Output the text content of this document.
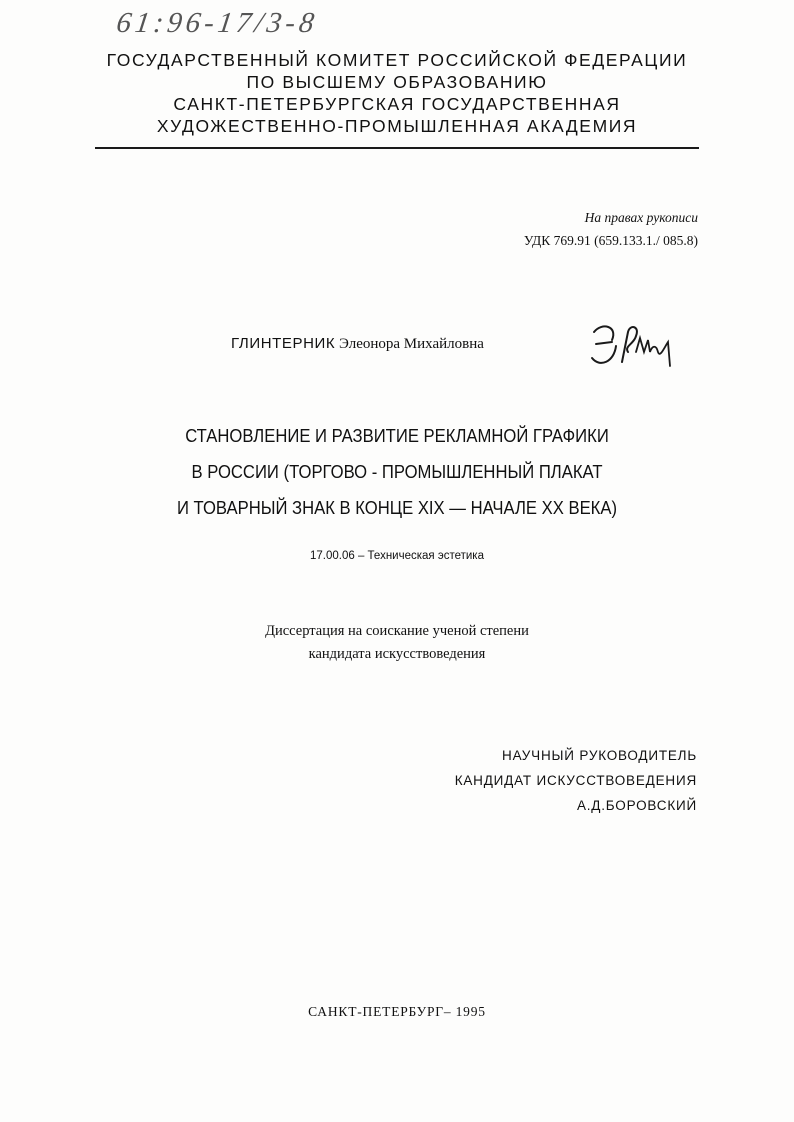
61:96-17/3-8
ГОСУДАРСТВЕННЫЙ КОМИТЕТ РОССИЙСКОЙ ФЕДЕРАЦИИ
ПО ВЫСШЕМУ ОБРАЗОВАНИЮ
САНКТ-ПЕТЕРБУРГСКАЯ ГОСУДАРСТВЕННАЯ
ХУДОЖЕСТВЕННО-ПРОМЫШЛЕННАЯ АКАДЕМИЯ
На правах рукописи
УДК 769.91 (659.133.1./ 085.8)
ГЛИНТЕРНИК Элеонора Михайловна
СТАНОВЛЕНИЕ И РАЗВИТИЕ РЕКЛАМНОЙ ГРАФИКИ
В РОССИИ (ТОРГОВО - ПРОМЫШЛЕННЫЙ ПЛАКАТ
И ТОВАРНЫЙ ЗНАК В КОНЦЕ XIX — НАЧАЛЕ XX ВЕКА)
17.00.06 – Техническая эстетика
Диссертация на соискание ученой степени
кандидата искусствоведения
НАУЧНЫЙ РУКОВОДИТЕЛЬ
КАНДИДАТ ИСКУССТВОВЕДЕНИЯ
А.Д.БОРОВСКИЙ
САНКТ-ПЕТЕРБУРГ– 1995
